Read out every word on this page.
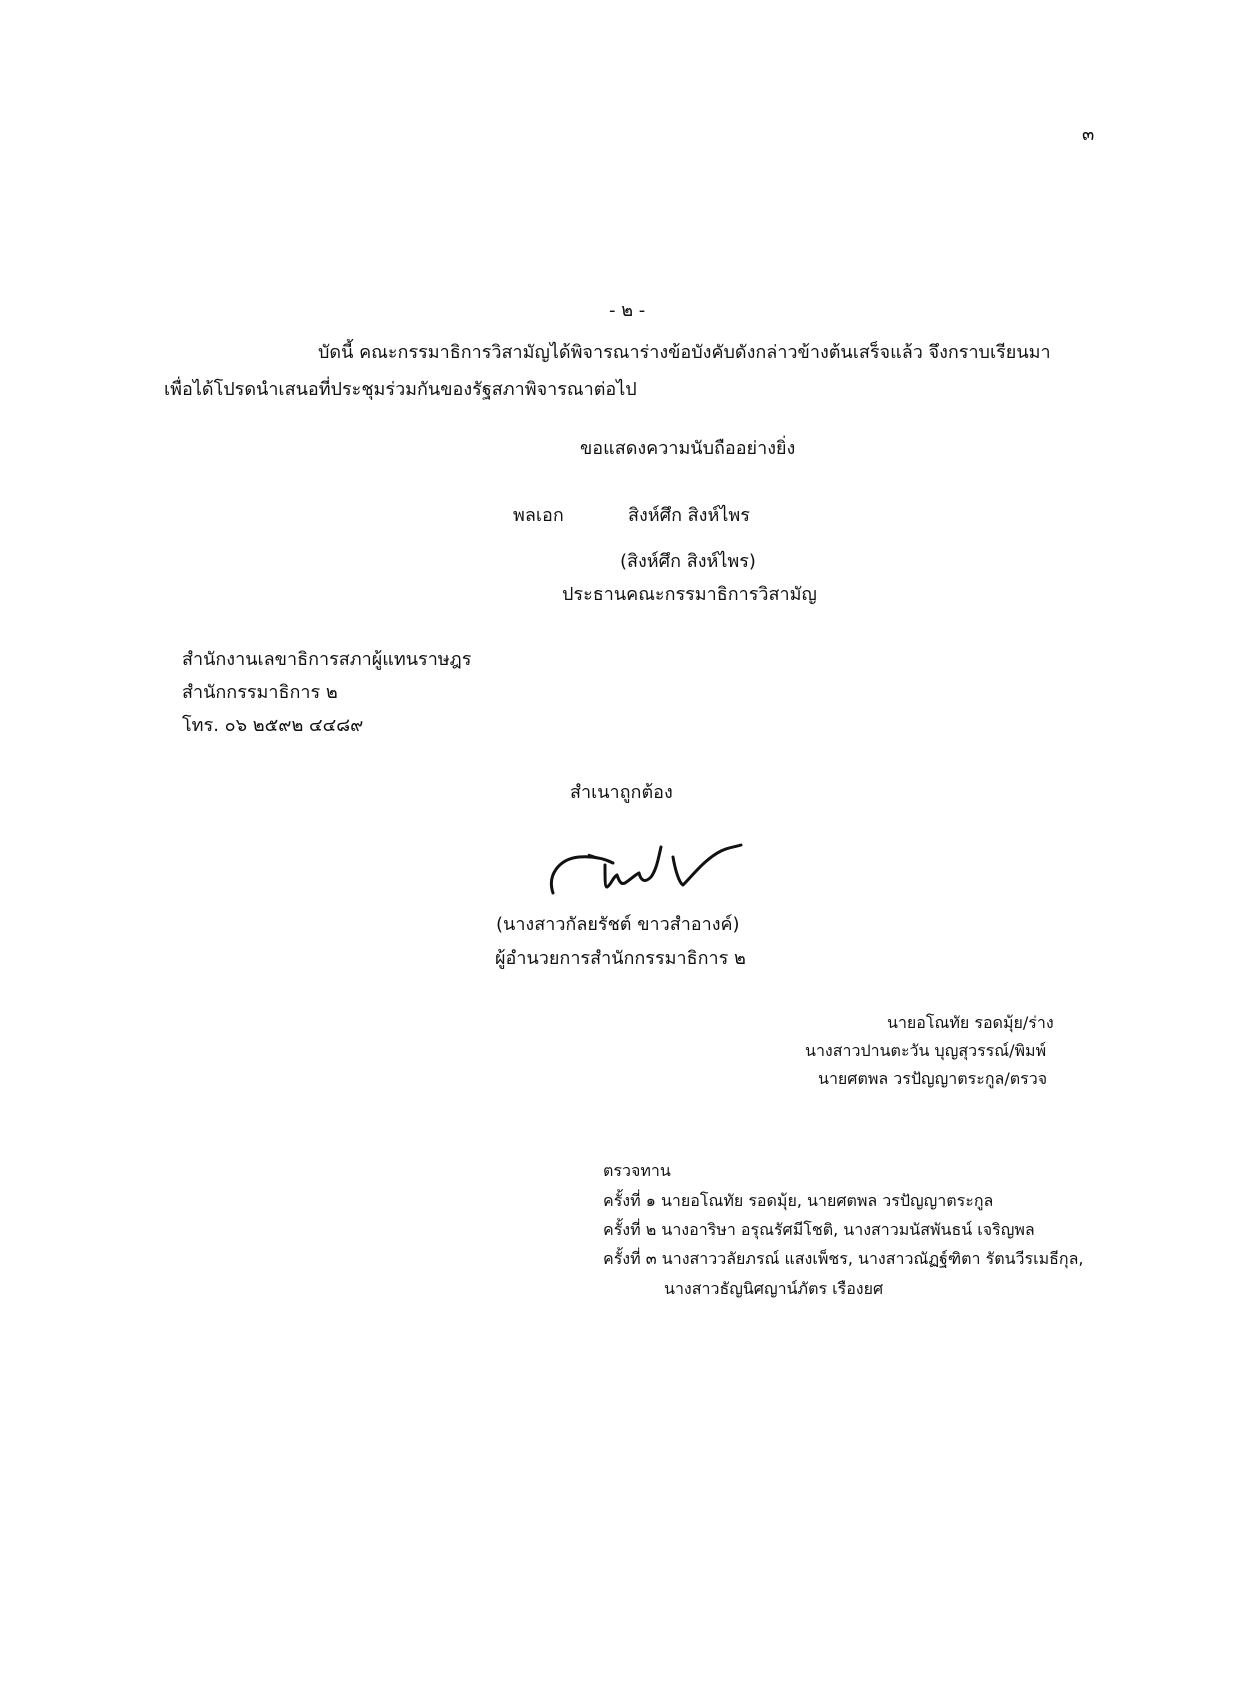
๓
- ๒ -
บัดนี้ คณะกรรมาธิการวิสามัญได้พิจารณาร่างข้อบังคับดังกล่าวข้างต้นเสร็จแล้ว จึงกราบเรียนมา
เพื่อได้โปรดนำเสนอที่ประชุมร่วมกันของรัฐสภาพิจารณาต่อไป
ขอแสดงความนับถืออย่างยิ่ง
พลเอก	สิงห์ศึก สิงห์ไพร
(สิงห์ศึก สิงห์ไพร)
ประธานคณะกรรมาธิการวิสามัญ
สำนักงานเลขาธิการสภาผู้แทนราษฎร
สำนักกรรมาธิการ ๒
โทร. ๐๖ ๒๕๙๒ ๔๔๘๙
สำเนาถูกต้อง
(นางสาวกัลยรัชต์ ขาวสำอางค์)
ผู้อำนวยการสำนักกรรมาธิการ ๒
นายอโณทัย รอดมุ้ย/ร่าง
นางสาวปานตะวัน บุญสุวรรณ์/พิมพ์
นายศตพล วรปัญญาตระกูล/ตรวจ
ตรวจทาน
ครั้งที่ ๑ นายอโณทัย รอดมุ้ย, นายศตพล วรปัญญาตระกูล
ครั้งที่ ๒ นางอาริษา อรุณรัศมีโชติ, นางสาวมนัสพันธน์ เจริญพล
ครั้งที่ ๓ นางสาววลัยภรณ์ แสงเพ็ชร, นางสาวณัฏฐ์ฑิตา รัตนวีรเมธีกุล,
นางสาวธัญนิศญาน์ภัตร เรืองยศ
